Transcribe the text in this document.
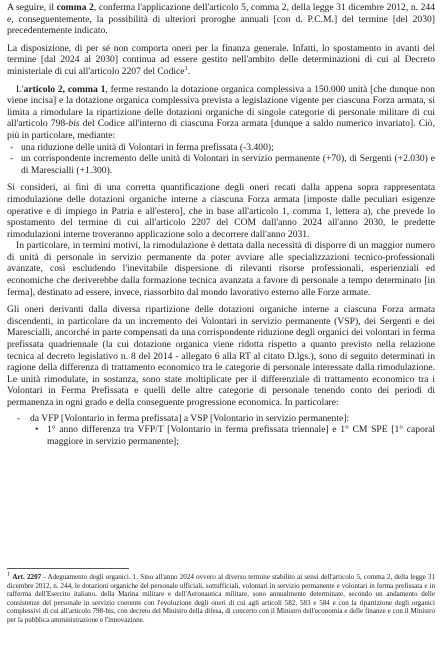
A seguire, il comma 2, conferma l'applicazione dell'articolo 5, comma 2, della legge 31 dicembre 2012, n. 244 e, conseguentemente, la possibilità di ulteriori proroghe annuali [con d. P.C.M.] del termine [del 2030] precedentemente indicato.

La disposizione, di per sé non comporta oneri per la finanza generale. Infatti, lo spostamento in avanti del termine [dal 2024 al 2030] continua ad essere gestito nell'ambito delle determinazioni di cui al Decreto ministeriale di cui all'articolo 2207 del Codice$^1$.

L'articolo 2, comma 1, ferme restando la dotazione organica complessiva a 150.000 unità [che dunque non viene incisa] e la dotazione organica complessiva prevista a legislazione vigente per ciascuna Forza armata, si limita a rimodulare la ripartizione delle dotazioni organiche di singole categorie di personale militare di cui all'articolo 798-bis del Codice all'interno di ciascuna Forza armata [dunque a saldo numerico invariato]. Ciò, più in particolare, mediante:

- una riduzione delle unità di Volontari in ferma prefissata (-3.400);
- un corrispondente incremento delle unità di Volontari in servizio permanente (+70), di Sergenti (+2.030) e di Marescialli (+1.300).

Si consideri, ai fini di una corretta quantificazione degli oneri recati dalla appena sopra rappresentata rimodulazione delle dotazioni organiche interne a ciascuna Forza armata [imposte dalle peculiari esigenze operative e di impiego in Patria e all'estero], che in base all'articolo 1, comma 1, lettera a), che prevede lo spostamento del termine di cui all'articolo 2207 del COM dall'anno 2024 all'anno 2030, le predette rimodulazioni interne troveranno applicazione solo a decorrere dall'anno 2031.

In particolare, in termini motivi, la rimodulazione è dettata dalla necessità di disporre di un maggior numero di unità di personale in servizio permanente da poter avviare alle specializzazioni tecnico-professionali avanzate, così escludendo l'inevitabile dispersione di rilevanti risorse professionali, esperienziali ed economiche che deriverebbe dalla formazione tecnica avanzata a favore di personale a tempo determinato [in ferma], destinato ad essere, invece, riassorbito dal mondo lavorativo esterno alle Forze armate.

Gli oneri derivanti dalla diversa ripartizione delle dotazioni organiche interne a ciascuna Forza armata discendenti, in particolare da un incremento dei Volontari in servizio permanente (VSP), dei Sergenti e dei Marescialli, ancorché in parte compensati da una corrispondente riduzione degli organici dei volontari in ferma prefissata quadriennale (la cui dotazione organica viene ridotta rispetto a quanto previsto nella relazione tecnica al decreto legislativo n. 8 del 2014 - allegato 6 alla RT al citato D.lgs.), sono di seguito determinati in ragione della differenza di trattamento economico tra le categorie di personale interessate dalla rimodulazione. Le unità rimodulate, in sostanza, sono state moltiplicate per il differenziale di trattamento economico tra i Volontari in Ferma Prefissata e quelli delle altre categorie di personale tenendo conto dei periodi di permanenza in ogni grado e della conseguente progressione economica. In particolare:

- da VFP [Volontario in ferma prefissata] a VSP [Volontario in servizio permanente]:
• 1° anno differenza tra VFP/T [Volontario in ferma prefissata triennale] e 1° CM SPE [1° caporal maggiore in servizio permanente];
$^1$ Art. 2207 - Adeguamento degli organici. 1. Sino all'anno 2024 ovvero al diverso termine stabilito ai sensi dell'articolo 5, comma 2, della legge 31 dicembre 2012, n. 244, le dotazioni organiche del personale ufficiali, sottufficiali, volontari in servizio permanente e volontari in ferma prefissata e in rafferma dell'Esercito italiano, della Marina militare e dell'Aeronautica militare, sono annualmente determinate, secondo un andamento delle consistenze del personale in servizio coerente con l'evoluzione degli oneri di cui agli articoli 582, 583 e 584 e con la ripartizione degli organici complessivi di cui all'articolo 798-bis, con decreto del Ministro della difesa, di concerto con il Ministro dell'economia e delle finanze e con il Ministro per la pubblica amministrazione e l'innovazione.
